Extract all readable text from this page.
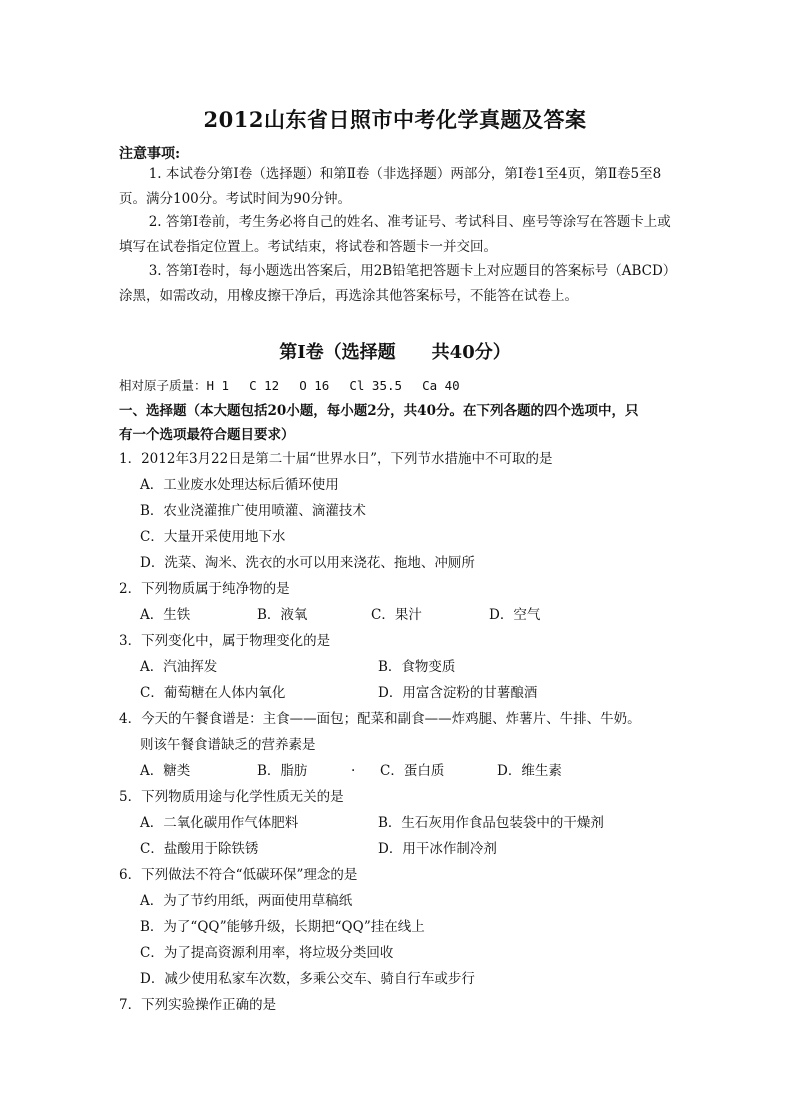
2012山东省日照市中考化学真题及答案
注意事项:
1. 本试卷分第Ⅰ卷（选择题）和第Ⅱ卷（非选择题）两部分，第Ⅰ卷1至4页，第Ⅱ卷5至8页。满分100分。考试时间为90分钟。
2. 答第Ⅰ卷前，考生务必将自己的姓名、准考证号、考试科目、座号等涂写在答题卡上或填写在试卷指定位置上。考试结束，将试卷和答题卡一并交回。
3. 答第Ⅰ卷时，每小题选出答案后，用2B铅笔把答题卡上对应题目的答案标号（ABCD）涂黑，如需改动，用橡皮擦干净后，再选涂其他答案标号，不能答在试卷上。
第Ⅰ卷（选择题　　共40分）
相对原子质量：H 1　 C 12　 O 16　 Cl 35.5　 Ca 40
一、选择题（本大题包括20小题，每小题2分，共40分。在下列各题的四个选项中，只
有一个选项最符合题目要求）
1．2012年3月22日是第二十届“世界水日”，下列节水措施中不可取的是
A．工业废水处理达标后循环使用
B．农业浇灌推广使用喷灌、滴灌技术
C．大量开采使用地下水
D．洗菜、淘米、洗衣的水可以用来浇花、拖地、冲厕所
2．下列物质属于纯净物的是
A．生铁	B．液氧	C．果汁	D．空气
3．下列变化中，属于物理变化的是
A．汽油挥发	B．食物变质
C．葡萄糖在人体内氧化	D．用富含淀粉的甘薯酿酒
4．今天的午餐食谱是：主食——面包；配菜和副食——炸鸡腿、炸薯片、牛排、牛奶。
则该午餐食谱缺乏的营养素是
A．糖类	B．脂肪	. C．蛋白质	D．维生素
5．下列物质用途与化学性质无关的是
A．二氧化碳用作气体肥料	B．生石灰用作食品包装袋中的干燥剂
C．盐酸用于除铁锈	D．用干冰作制冷剂
6．下列做法不符合“低碳环保”理念的是
A．为了节约用纸，两面使用草稿纸
B．为了“QQ”能够升级，长期把“QQ”挂在线上
C．为了提高资源利用率，将垃圾分类回收
D．减少使用私家车次数，多乘公交车、骑自行车或步行
7．下列实验操作正确的是
